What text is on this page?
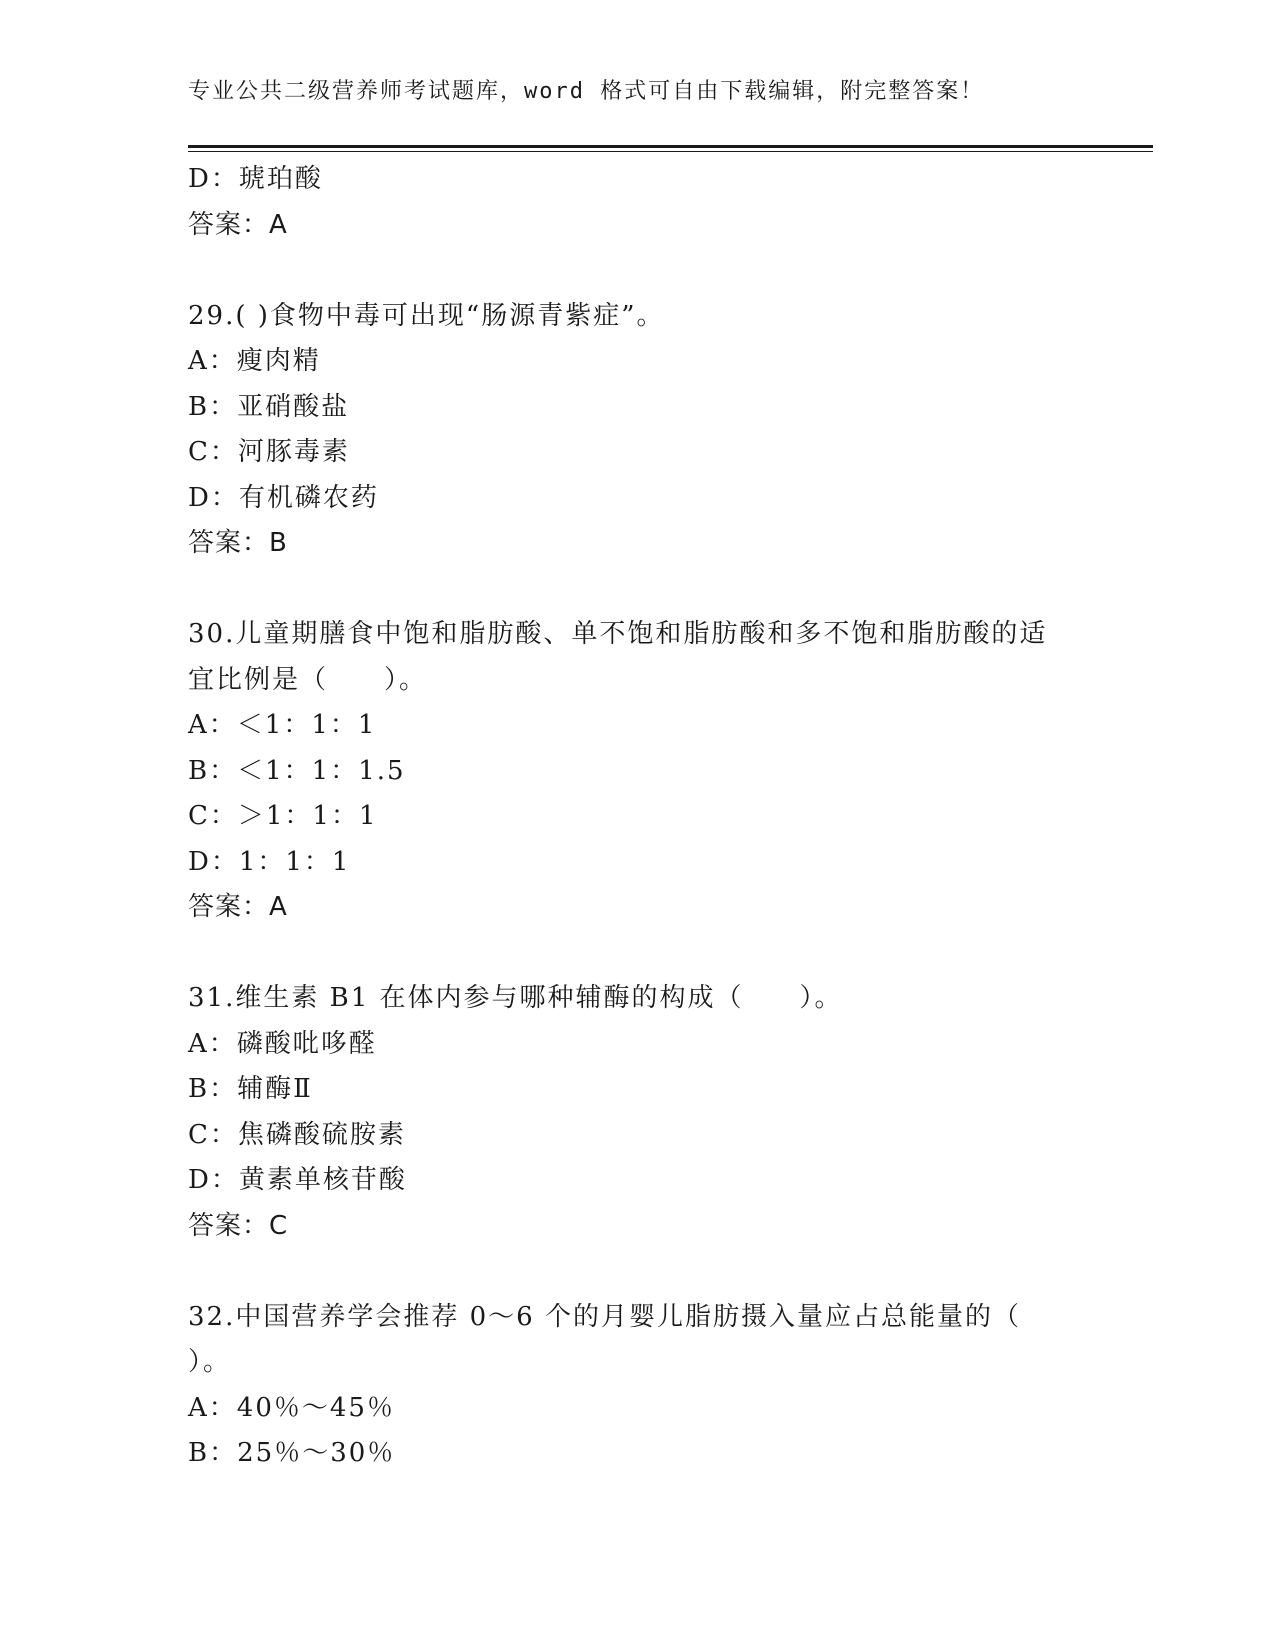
专业公共二级营养师考试题库，word 格式可自由下载编辑，附完整答案！
D：琥珀酸
答案：A
29.( )食物中毒可出现“肠源青紫症”。
A：瘦肉精
B：亚硝酸盐
C：河豚毒素
D：有机磷农药
答案：B
30.儿童期膳食中饱和脂肪酸、单不饱和脂肪酸和多不饱和脂肪酸的适
宜比例是（　　）。
A：＜1：1：1
B：＜1：1：1.5
C：＞1：1：1
D：1：1：1
答案：A
31.维生素 B1 在体内参与哪种辅酶的构成（　　）。
A：磷酸吡哆醛
B：辅酶Ⅱ
C：焦磷酸硫胺素
D：黄素单核苷酸
答案：C
32.中国营养学会推荐 0～6 个的月婴儿脂肪摄入量应占总能量的（
）。
A：40％～45％
B：25％～30％
